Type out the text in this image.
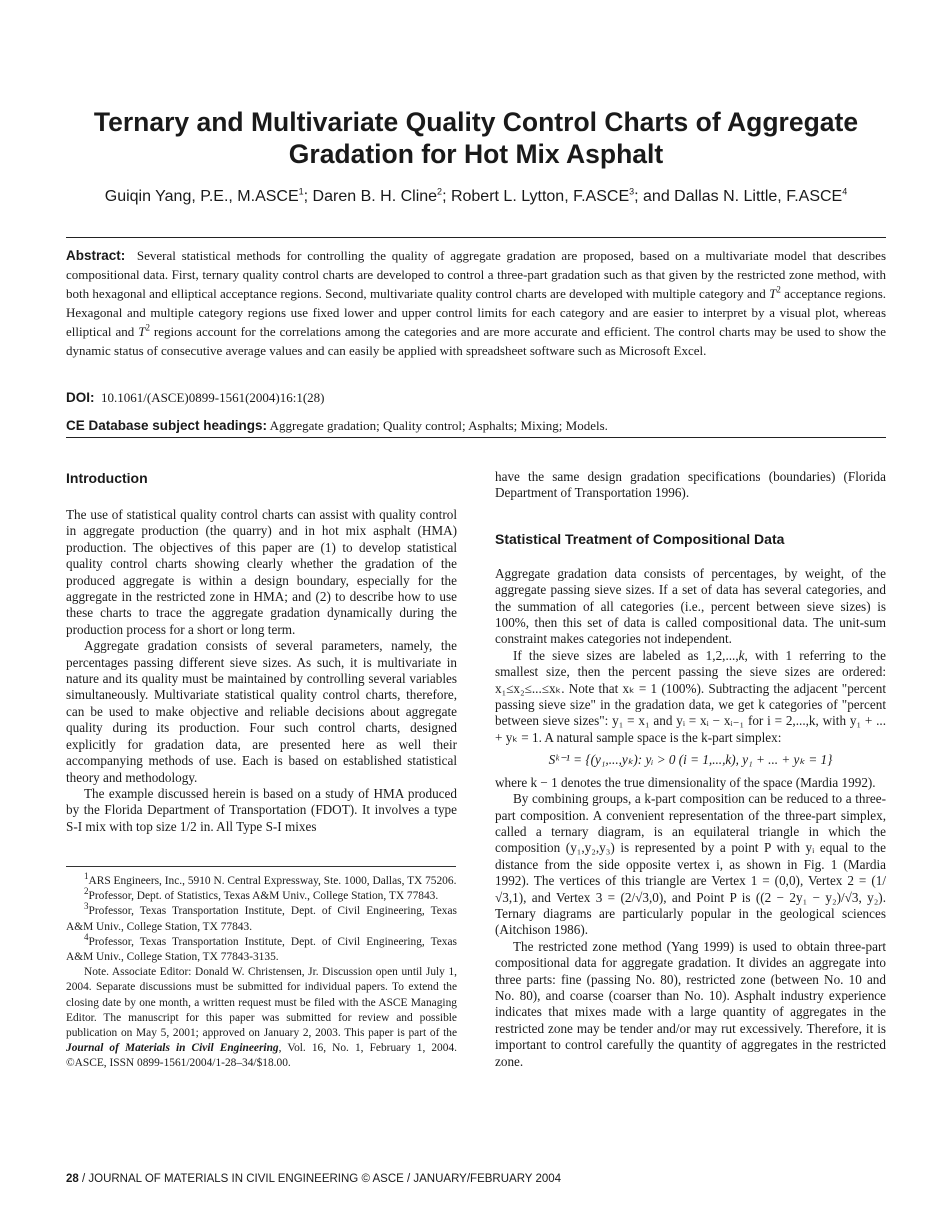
Ternary and Multivariate Quality Control Charts of Aggregate Gradation for Hot Mix Asphalt
Guiqin Yang, P.E., M.ASCE$^1$; Daren B. H. Cline$^2$; Robert L. Lytton, F.ASCE$^3$; and Dallas N. Little, F.ASCE$^4$
Abstract: Several statistical methods for controlling the quality of aggregate gradation are proposed, based on a multivariate model that describes compositional data. First, ternary quality control charts are developed to control a three-part gradation such as that given by the restricted zone method, with both hexagonal and elliptical acceptance regions. Second, multivariate quality control charts are developed with multiple category and $T^2$ acceptance regions. Hexagonal and multiple category regions use fixed lower and upper control limits for each category and are easier to interpret by a visual plot, whereas elliptical and $T^2$ regions account for the correlations among the categories and are more accurate and efficient. The control charts may be used to show the dynamic status of consecutive average values and can easily be applied with spreadsheet software such as Microsoft Excel.
DOI: 10.1061/(ASCE)0899-1561(2004)16:1(28)
CE Database subject headings: Aggregate gradation; Quality control; Asphalts; Mixing; Models.
Introduction

The use of statistical quality control charts can assist with quality control in aggregate production (the quarry) and in hot mix asphalt (HMA) production. The objectives of this paper are (1) to develop statistical quality control charts showing clearly whether the gradation of the produced aggregate is within a design boundary, especially for the aggregate in the restricted zone in HMA; and (2) to describe how to use these charts to trace the aggregate gradation dynamically during the production process for a short or long term.

Aggregate gradation consists of several parameters, namely, the percentages passing different sieve sizes. As such, it is multivariate in nature and its quality must be maintained by controlling several variables simultaneously. Multivariate statistical quality control charts, therefore, can be used to make objective and reliable decisions about aggregate quality during its production. Four such control charts, designed explicitly for gradation data, are presented here as well their accompanying methods of use. Each is based on established statistical theory and methodology.

The example discussed herein is based on a study of HMA produced by the Florida Department of Transportation (FDOT). It involves a type S-I mix with top size 1/2 in. All Type S-I mixes

$^1$ARS Engineers, Inc., 5910 N. Central Expressway, Ste. 1000, Dallas, TX 75206.

$^2$Professor, Dept. of Statistics, Texas A&M Univ., College Station, TX 77843.

$^3$Professor, Texas Transportation Institute, Dept. of Civil Engineering, Texas A&M Univ., College Station, TX 77843.

$^4$Professor, Texas Transportation Institute, Dept. of Civil Engineering, Texas A&M Univ., College Station, TX 77843-3135.

Note. Associate Editor: Donald W. Christensen, Jr. Discussion open until July 1, 2004. Separate discussions must be submitted for individual papers. To extend the closing date by one month, a written request must be filed with the ASCE Managing Editor. The manuscript for this paper was submitted for review and possible publication on May 5, 2001; approved on January 2, 2003. This paper is part of the Journal of Materials in Civil Engineering, Vol. 16, No. 1, February 1, 2004. ©ASCE, ISSN 0899-1561/2004/1-28–34/$18.00.

have the same design gradation specifications (boundaries) (Florida Department of Transportation 1996).

Statistical Treatment of Compositional Data

Aggregate gradation data consists of percentages, by weight, of the aggregate passing sieve sizes. If a set of data has several categories, and the summation of all categories (i.e., percent between sieve sizes) is 100%, then this set of data is called compositional data. The unit-sum constraint makes categories not independent.

If the sieve sizes are labeled as 1,2,...,k, with 1 referring to the smallest size, then the percent passing the sieve sizes are ordered: x₁≤x₂≤...≤xₖ. Note that xₖ = 1 (100%). Subtracting the adjacent "percent passing sieve size" in the gradation data, we get k categories of "percent between sieve sizes": y₁ = x₁ and yᵢ = xᵢ − xᵢ₋₁ for i = 2,...,k, with y₁ + ... + yₖ = 1. A natural sample space is the k-part simplex:

Sᵏ⁻¹ = {(y₁,...,yₖ): yᵢ > 0 (i = 1,...,k), y₁ + ... + yₖ = 1}

where k − 1 denotes the true dimensionality of the space (Mardia 1992).

By combining groups, a k-part composition can be reduced to a three-part composition. A convenient representation of the three-part simplex, called a ternary diagram, is an equilateral triangle in which the composition (y₁,y₂,y₃) is represented by a point P with yᵢ equal to the distance from the side opposite vertex i, as shown in Fig. 1 (Mardia 1992). The vertices of this triangle are Vertex 1 = (0,0), Vertex 2 = (1/√3,1), and Vertex 3 = (2/√3,0), and Point P is ((2 − 2y₁ − y₂)/√3, y₂). Ternary diagrams are particularly popular in the geological sciences (Aitchison 1986).

The restricted zone method (Yang 1999) is used to obtain three-part compositional data for aggregate gradation. It divides an aggregate into three parts: fine (passing No. 80), restricted zone (between No. 10 and No. 80), and coarse (coarser than No. 10). Asphalt industry experience indicates that mixes made with a large quantity of aggregates in the restricted zone may be tender and/or may rut excessively. Therefore, it is important to control carefully the quantity of aggregates in the restricted zone.

28 / JOURNAL OF MATERIALS IN CIVIL ENGINEERING © ASCE / JANUARY/FEBRUARY 2004
